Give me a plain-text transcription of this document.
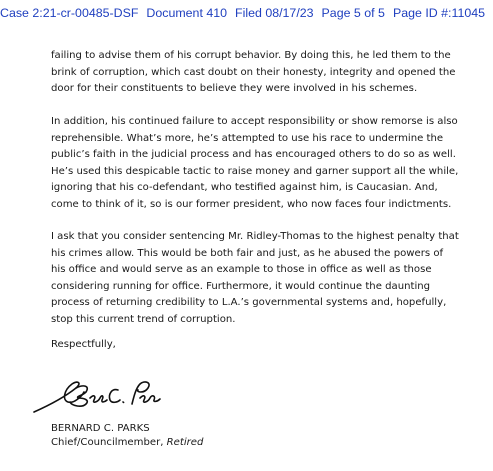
Case 2:21-cr-00485-DSF Document 410 Filed 08/17/23 Page 5 of 5 Page ID #:11045
failing to advise them of his corrupt behavior. By doing this, he led them to the brink of corruption, which cast doubt on their honesty, integrity and opened the door for their constituents to believe they were involved in his schemes.
In addition, his continued failure to accept responsibility or show remorse is also reprehensible. What’s more, he’s attempted to use his race to undermine the public’s faith in the judicial process and has encouraged others to do so as well. He’s used this despicable tactic to raise money and garner support all the while, ignoring that his co-defendant, who testified against him, is Caucasian. And, come to think of it, so is our former president, who now faces four indictments.
I ask that you consider sentencing Mr. Ridley-Thomas to the highest penalty that his crimes allow. This would be both fair and just, as he abused the powers of his office and would serve as an example to those in office as well as those considering running for office. Furthermore, it would continue the daunting process of returning credibility to L.A.’s governmental systems and, hopefully, stop this current trend of corruption.
Respectfully,
BERNARD C. PARKS
Chief/Councilmember, Retired
